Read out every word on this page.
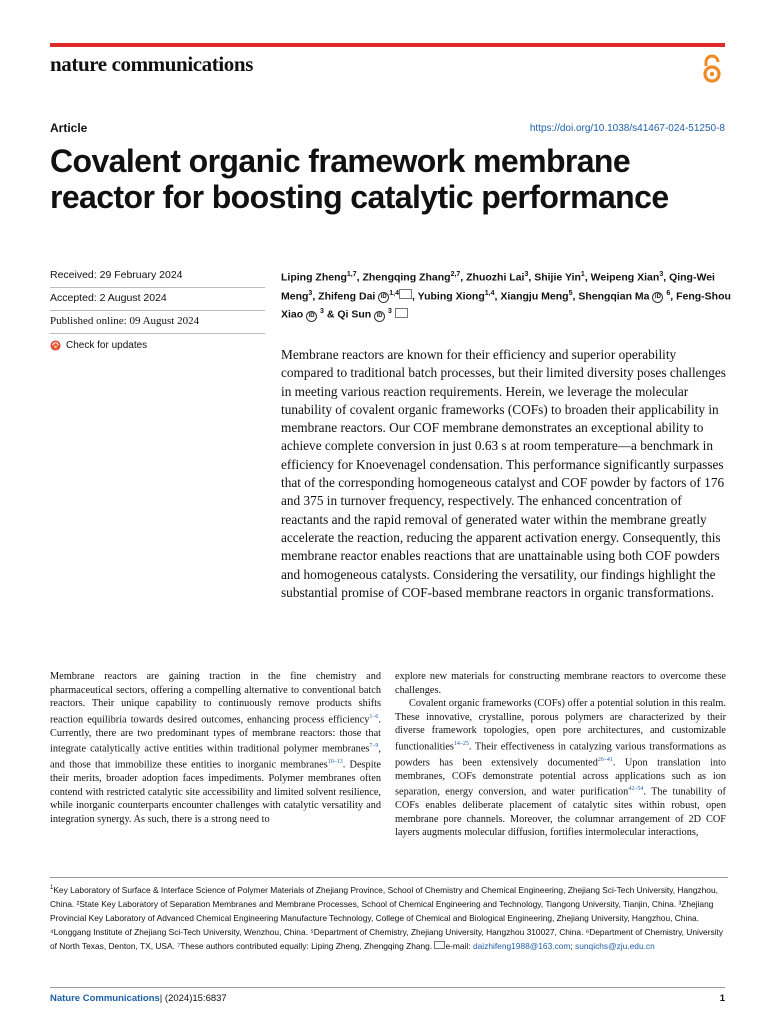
nature communications
Article	https://doi.org/10.1038/s41467-024-51250-8
Covalent organic framework membrane reactor for boosting catalytic performance
Received: 29 February 2024
Accepted: 2 August 2024
Published online: 09 August 2024
Check for updates
Liping Zheng$^{1,7}$, Zhengqing Zhang$^{2,7}$, Zhuozhi Lai$^3$, Shijie Yin$^1$, Weipeng Xian$^3$, Qing-Wei Meng$^3$, Zhifeng Dai iD$^{1,4}$ , Yubing Xiong$^{1,4}$, Xiangju Meng$^5$, Shengqian Ma iD $^6$, Feng-Shou Xiao iD $^3$ & Qi Sun iD $^3$

Membrane reactors are known for their efficiency and superior operability compared to traditional batch processes, but their limited diversity poses challenges in meeting various reaction requirements. Herein, we leverage the molecular tunability of covalent organic frameworks (COFs) to broaden their applicability in membrane reactors. Our COF membrane demonstrates an exceptional ability to achieve complete conversion in just 0.63 s at room temperature—a benchmark in efficiency for Knoevenagel condensation. This performance significantly surpasses that of the corresponding homogeneous catalyst and COF powder by factors of 176 and 375 in turnover frequency, respectively. The enhanced concentration of reactants and the rapid removal of generated water within the membrane greatly accelerate the reaction, reducing the apparent activation energy. Consequently, this membrane reactor enables reactions that are unattainable using both COF powders and homogeneous catalysts. Considering the versatility, our findings highlight the substantial promise of COF-based membrane reactors in organic transformations.

Membrane reactors are gaining traction in the fine chemistry and pharmaceutical sectors, offering a compelling alternative to conventional batch reactors. Their unique capability to continuously remove products shifts reaction equilibria towards desired outcomes, enhancing process efficiency$^{1-6}$. Currently, there are two predominant types of membrane reactors: those that integrate catalytically active entities within traditional polymer membranes$^{7-9}$, and those that immobilize these entities to inorganic membranes$^{10-13}$. Despite their merits, broader adoption faces impediments. Polymer membranes often contend with restricted catalytic site accessibility and limited solvent resilience, while inorganic counterparts encounter challenges with catalytic versatility and integration synergy. As such, there is a strong need to

explore new materials for constructing membrane reactors to overcome these challenges.

Covalent organic frameworks (COFs) offer a potential solution in this realm. These innovative, crystalline, porous polymers are characterized by their diverse framework topologies, open pore architectures, and customizable functionalities$^{14-25}$. Their effectiveness in catalyzing various transformations as powders has been extensively documented$^{26-41}$. Upon translation into membranes, COFs demonstrate potential across applications such as ion separation, energy conversion, and water purification$^{42-54}$. The tunability of COFs enables deliberate placement of catalytic sites within robust, open membrane pore channels. Moreover, the columnar arrangement of 2D COF layers augments molecular diffusion, fortifies intermolecular interactions,

$^1$Key Laboratory of Surface & Interface Science of Polymer Materials of Zhejiang Province, School of Chemistry and Chemical Engineering, Zhejiang Sci-Tech University, Hangzhou, China. ²State Key Laboratory of Separation Membranes and Membrane Processes, School of Chemical Engineering and Technology, Tiangong University, Tianjin, China. ³Zhejiang Provincial Key Laboratory of Advanced Chemical Engineering Manufacture Technology, College of Chemical and Biological Engineering, Zhejiang University, Hangzhou, China. ⁴Longgang Institute of Zhejiang Sci-Tech University, Wenzhou, China. ⁵Department of Chemistry, Zhejiang University, Hangzhou 310027, China. ⁶Department of Chemistry, University of North Texas, Denton, TX, USA. ⁷These authors contributed equally: Liping Zheng, Zhengqing Zhang. e-mail: daizhifeng1988@163.com; sunqichs@zju.edu.cn
Nature Communications| (2024)15:6837	1
